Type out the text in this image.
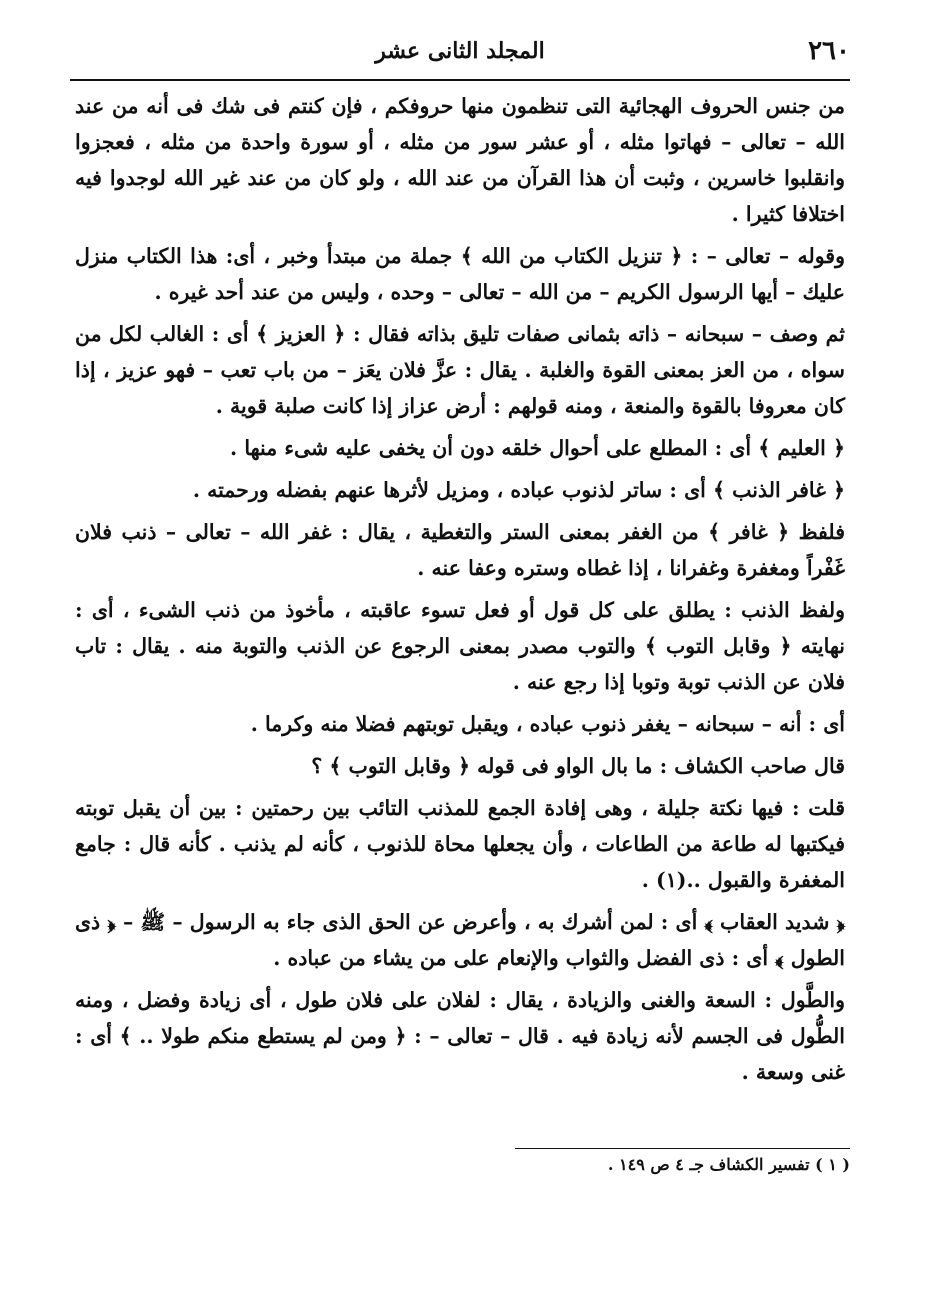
٢٦٠
المجلد الثانى عشر

من جنس الحروف الهجائية التى تنظمون منها حروفكم ، فإن كنتم فى شك فى أنه من عند الله – تعالى – فهاتوا مثله ، أو عشر سور من مثله ، أو سورة واحدة من مثله ، فعجزوا وانقلبوا خاسرين ، وثبت أن هذا القرآن من عند الله ، ولو كان من عند غير الله لوجدوا فيه اختلافا كثيرا .

وقوله – تعالى – : ﴿ تنزيل الكتاب من الله ﴾ جملة من مبتدأ وخبر ، أى: هذا الكتاب منزل عليك – أيها الرسول الكريم – من الله – تعالى – وحده ، وليس من عند أحد غيره .

ثم وصف – سبحانه – ذاته بثمانى صفات تليق بذاته فقال : ﴿ العزيز ﴾ أى : الغالب لكل من سواه ، من العز بمعنى القوة والغلبة . يقال : عزَّ فلان يعَز – من باب تعب – فهو عزيز ، إذا كان معروفا بالقوة والمنعة ، ومنه قولهم : أرض عزاز إذا كانت صلبة قوية .

﴿ العليم ﴾ أى : المطلع على أحوال خلقه دون أن يخفى عليه شىء منها .

﴿ غافر الذنب ﴾ أى : ساتر لذنوب عباده ، ومزيل لأثرها عنهم بفضله ورحمته .

فلفظ ﴿ غافر ﴾ من الغفر بمعنى الستر والتغطية ، يقال : غفر الله – تعالى – ذنب فلان غَفْراً ومغفرة وغفرانا ، إذا غطاه وستره وعفا عنه .

ولفظ الذنب : يطلق على كل قول أو فعل تسوء عاقبته ، مأخوذ من ذنب الشىء ، أى : نهايته ﴿ وقابل التوب ﴾ والتوب مصدر بمعنى الرجوع عن الذنب والتوبة منه . يقال : تاب فلان عن الذنب توبة وتوبا إذا رجع عنه .

أى : أنه – سبحانه – يغفر ذنوب عباده ، ويقبل توبتهم فضلا منه وكرما .

قال صاحب الكشاف : ما بال الواو فى قوله ﴿ وقابل التوب ﴾ ؟

قلت : فيها نكتة جليلة ، وهى إفادة الجمع للمذنب التائب بين رحمتين : بين أن يقبل توبته فيكتبها له طاعة من الطاعات ، وأن يجعلها محاة للذنوب ، كأنه لم يذنب . كأنه قال : جامع المغفرة والقبول ..(١) .

﴿ شديد العقاب ﴾ أى : لمن أشرك به ، وأعرض عن الحق الذى جاء به الرسول – ﷺ – ﴿ ذى الطول ﴾ أى : ذى الفضل والثواب والإنعام على من يشاء من عباده .

والطَّول : السعة والغنى والزيادة ، يقال : لفلان على فلان طول ، أى زيادة وفضل ، ومنه الطُّول فى الجسم لأنه زيادة فيه . قال – تعالى – : ﴿ ومن لم يستطع منكم طولا .. ﴾ أى : غنى وسعة .

( ١ ) تفسير الكشاف جـ ٤ ص ١٤٩ .
